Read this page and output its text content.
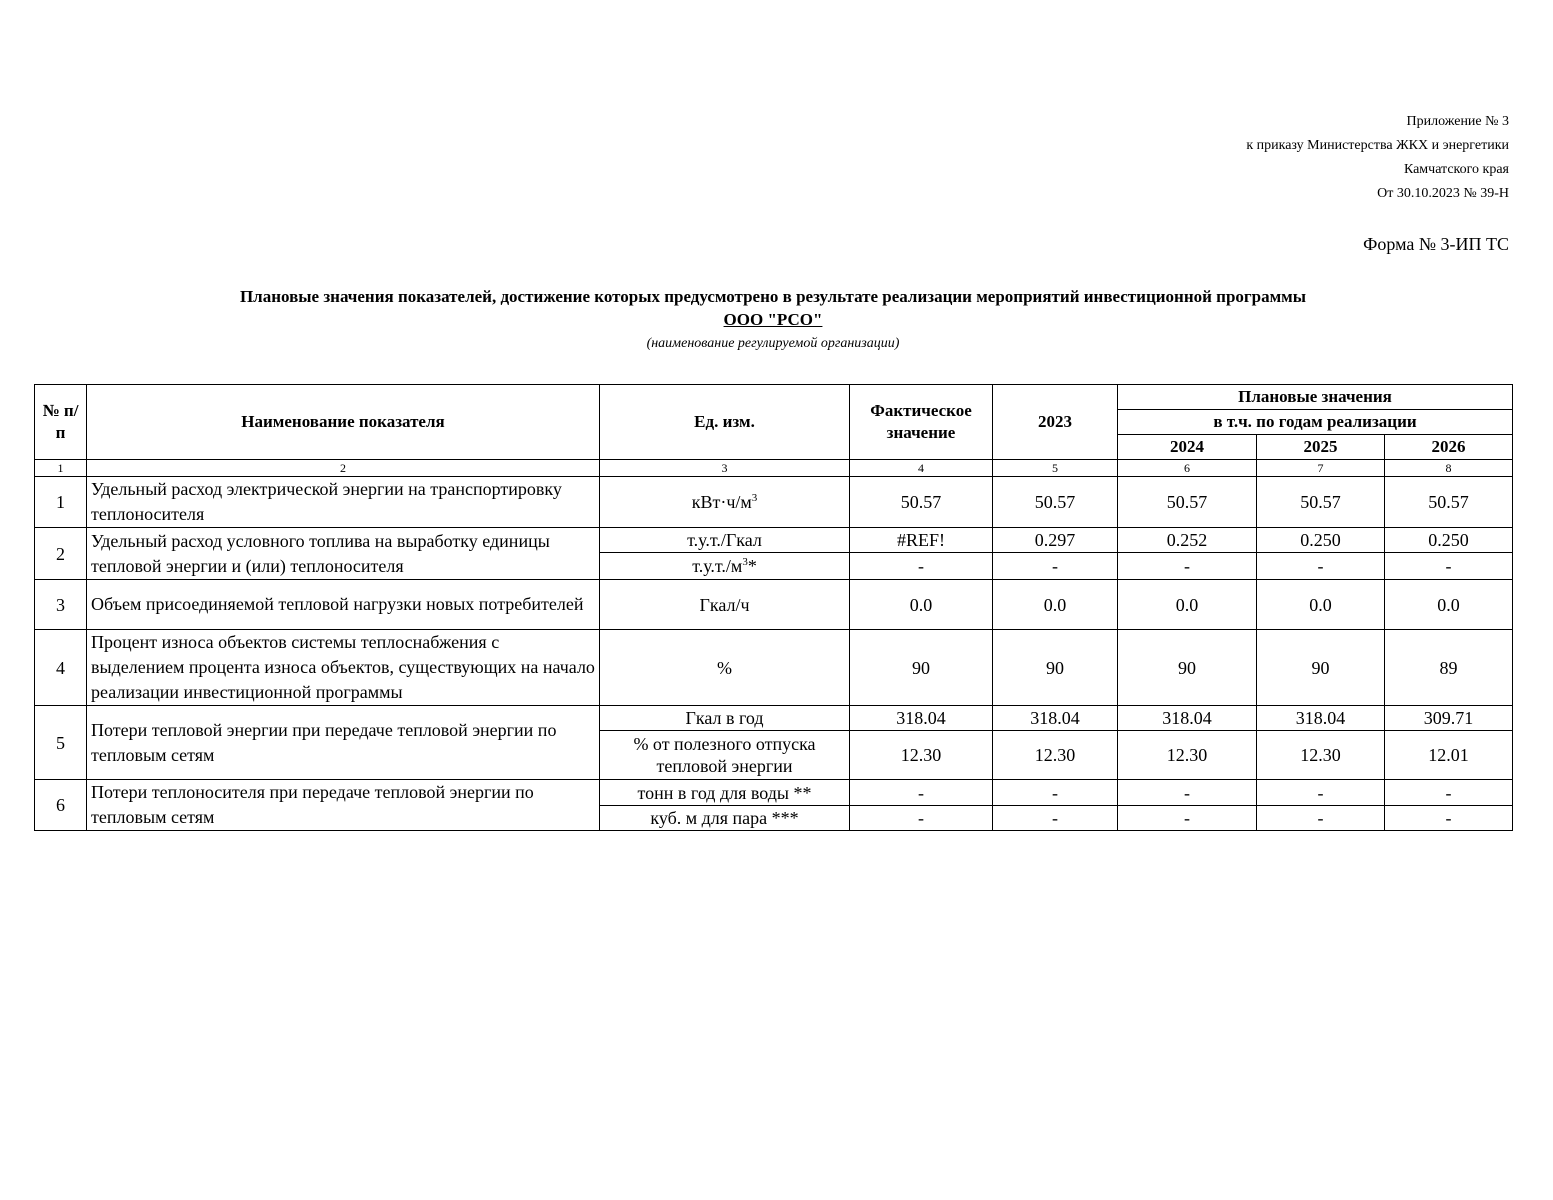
Приложение № 3
к приказу Министерства ЖКХ и энергетики
Камчатского края
От 30.10.2023 № 39-Н
Форма № 3-ИП ТС
Плановые значения показателей, достижение которых предусмотрено в результате реализации мероприятий инвестиционной программы
ООО "РСО"
(наименование регулируемой организации)
№ п/п	Наименование показателя	Ед. изм.	Фактическое значение	2023	Плановые значения		
					в т.ч. по годам реализации		
					2024	2025	2026
1	2	3	4	5	6	7	8
1	Удельный расход электрической энергии на транспортировку теплоносителя	$кВт\cdot ч/м^3$	50.57	50.57	50.57	50.57	50.57
2	Удельный расход условного топлива на выработку единицы тепловой энергии и (или) теплоносителя	т.у.т./Гкал	#REF!	0.297	0.252	0.250	0.250
		$т.у.т./м^3*$	-	-	-	-	-
3	Объем присоединяемой тепловой нагрузки новых потребителей	Гкал/ч	0.0	0.0	0.0	0.0	0.0
4	Процент износа объектов системы теплоснабжения с выделением процента износа объектов, существующих на начало реализации инвестиционной программы	%	90	90	90	90	89
5	Потери тепловой энергии при передаче тепловой энергии по тепловым сетям	Гкал в год	318.04	318.04	318.04	318.04	309.71
		% от полезного отпуска тепловой энергии	12.30	12.30	12.30	12.30	12.01
6	Потери теплоносителя при передаче тепловой энергии по тепловым сетям	тонн в год для воды **	-	-	-	-	-
		куб. м для пара ***	-	-	-	-	-
